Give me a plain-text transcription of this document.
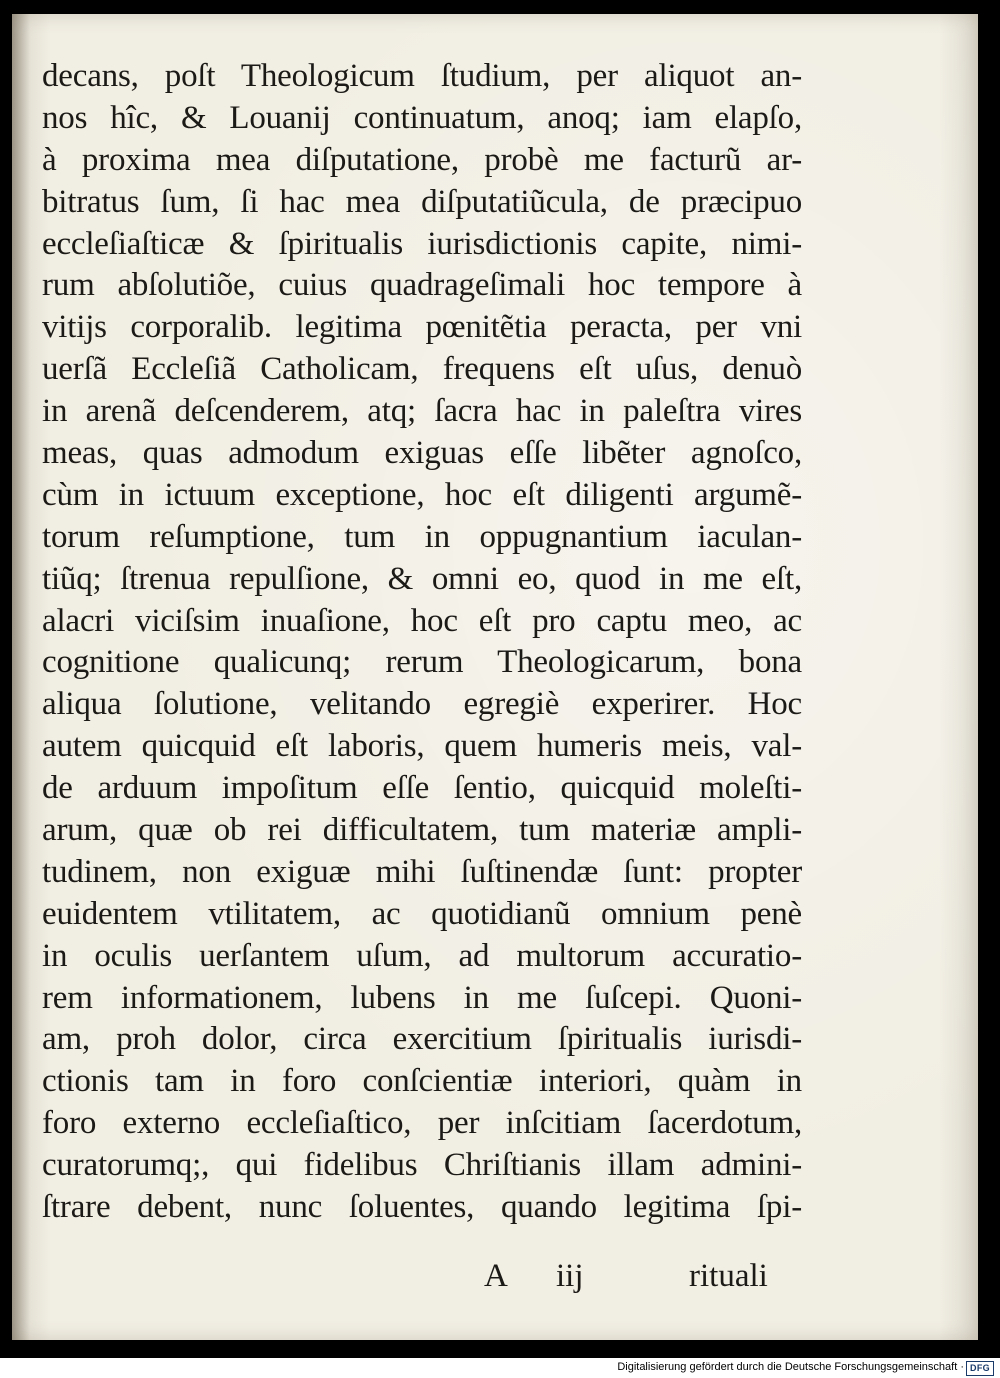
decans, poſt Theologicum ſtudium, per aliquot an-
nos hîc, & Louanij continuatum, anoq; iam elapſo,
à proxima mea diſputatione, probè me facturũ ar-
bitratus ſum, ſi hac mea diſputatiũcula, de præcipuo
eccleſiaſticæ & ſpiritualis iurisdictionis capite, nimi-
rum abſolutiõe, cuius quadrageſimali hoc tempore à
vitijs corporalib. legitima pœnitẽtia peracta, per vni
uerſã Eccleſiã Catholicam, frequens eſt uſus, denuò
in arenã deſcenderem, atq; ſacra hac in paleſtra vires
meas, quas admodum exiguas eſſe libẽter agnoſco,
cùm in ictuum exceptione, hoc eſt diligenti argumẽ-
torum reſumptione, tum in oppugnantium iaculan-
tiũq; ſtrenua repulſione, & omni eo, quod in me eſt,
alacri viciſsim inuaſione, hoc eſt pro captu meo, ac
cognitione qualicunq; rerum Theologicarum, bona
aliqua ſolutione, velitando egregiè experirer. Hoc
autem quicquid eſt laboris, quem humeris meis, val-
de arduum impoſitum eſſe ſentio, quicquid moleſti-
arum, quæ ob rei difficultatem, tum materiæ ampli-
tudinem, non exiguæ mihi ſuſtinendæ ſunt: propter
euidentem vtilitatem, ac quotidianũ omnium penè
in oculis uerſantem uſum, ad multorum accuratio-
rem informationem, lubens in me ſuſcepi. Quoni-
am, proh dolor, circa exercitium ſpiritualis iurisdi-
ctionis tam in foro conſcientiæ interiori, quàm in
foro externo eccleſiaſtico, per inſcitiam ſacerdotum,
curatorumq;, qui fidelibus Chriſtianis illam admini-
ſtrare debent, nunc ſoluentes, quando legitima ſpi-
A iij	rituali
Digitalisierung gefördert durch die Deutsche Forschungsgemeinschaft · DFG
